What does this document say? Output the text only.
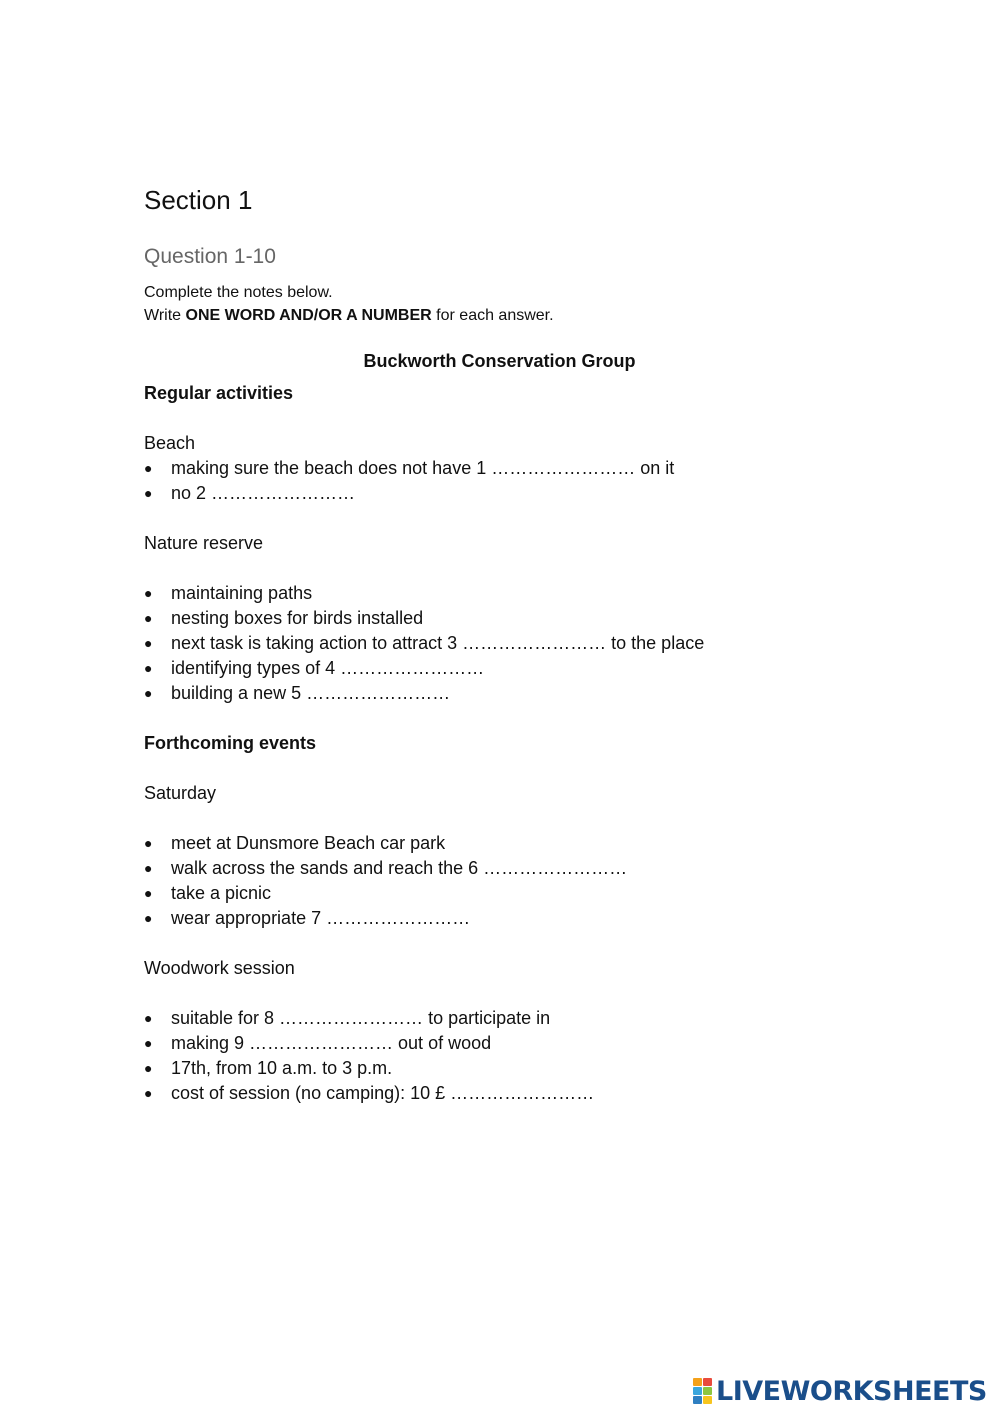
Section 1
Question 1-10
Complete the notes below.
Write ONE WORD AND/OR A NUMBER for each answer.
Buckworth Conservation Group
Regular activities
Beach
● making sure the beach does not have 1 …………………… on it
● no 2 ……………………
Nature reserve
● maintaining paths
● nesting boxes for birds installed
● next task is taking action to attract 3 …………………… to the place
● identifying types of 4 ……………………
● building a new 5 ……………………
Forthcoming events
Saturday
● meet at Dunsmore Beach car park
● walk across the sands and reach the 6 ……………………
● take a picnic
● wear appropriate 7 ……………………
Woodwork session
● suitable for 8 …………………… to participate in
● making 9 …………………… out of wood
● 17th, from 10 a.m. to 3 p.m.
● cost of session (no camping): 10 £ ……………………
LIVEWORKSHEETS
